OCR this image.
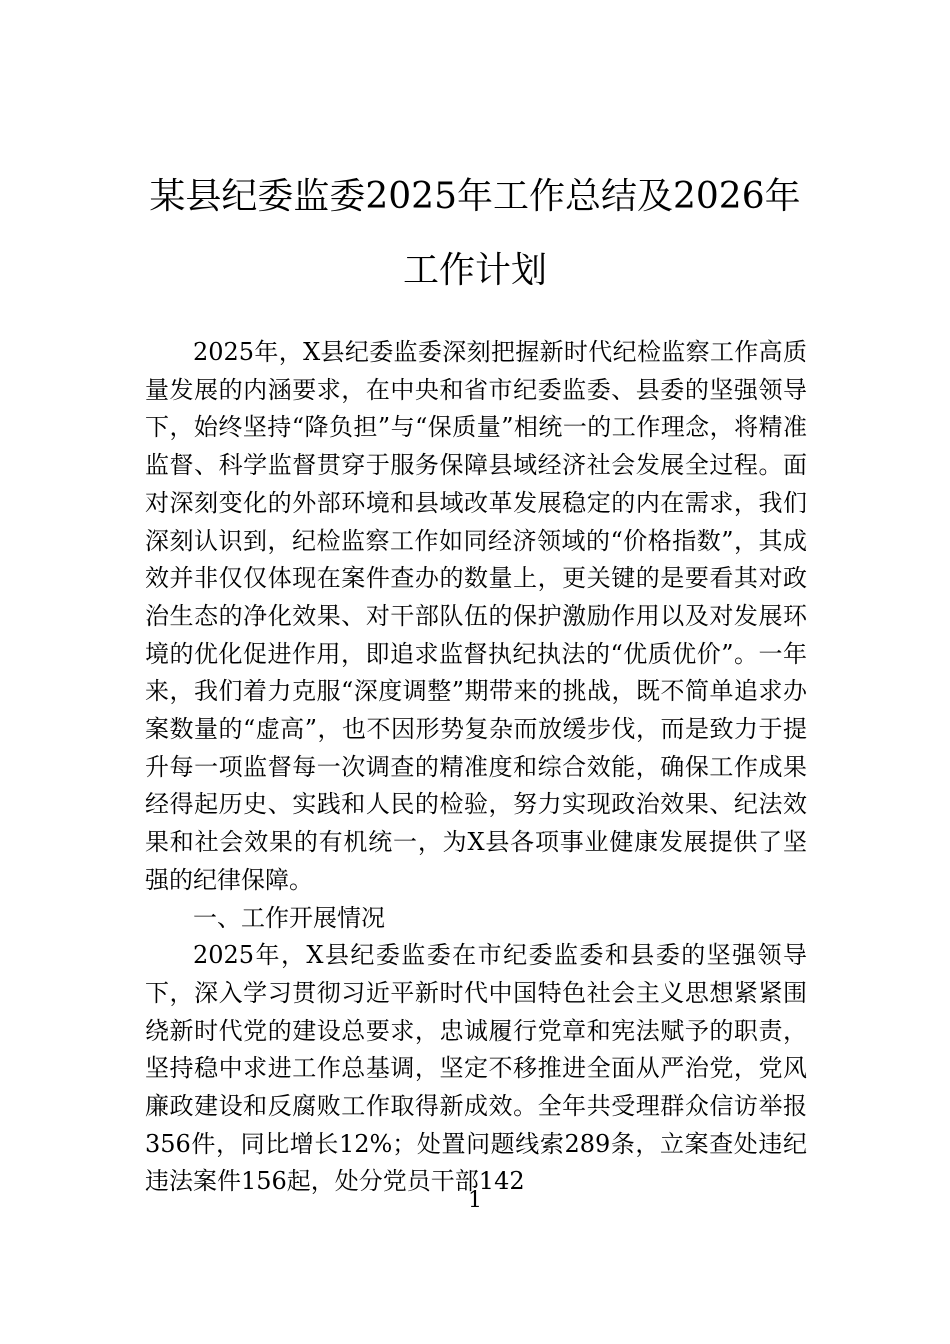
某县纪委监委2025年工作总结及2026年工作计划

2025年，X县纪委监委深刻把握新时代纪检监察工作高质量发展的内涵要求，在中央和省市纪委监委、县委的坚强领导下，始终坚持“降负担”与“保质量”相统一的工作理念，将精准监督、科学监督贯穿于服务保障县域经济社会发展全过程。面对深刻变化的外部环境和县域改革发展稳定的内在需求，我们深刻认识到，纪检监察工作如同经济领域的“价格指数”，其成效并非仅仅体现在案件查办的数量上，更关键的是要看其对政治生态的净化效果、对干部队伍的保护激励作用以及对发展环境的优化促进作用，即追求监督执纪执法的“优质优价”。一年来，我们着力克服“深度调整”期带来的挑战，既不简单追求办案数量的“虚高”，也不因形势复杂而放缓步伐，而是致力于提升每一项监督每一次调查的精准度和综合效能，确保工作成果经得起历史、实践和人民的检验，努力实现政治效果、纪法效果和社会效果的有机统一，为X县各项事业健康发展提供了坚强的纪律保障。

一、工作开展情况

2025年，X县纪委监委在市纪委监委和县委的坚强领导下，深入学习贯彻习近平新时代中国特色社会主义思想紧紧围绕新时代党的建设总要求，忠诚履行党章和宪法赋予的职责，坚持稳中求进工作总基调，坚定不移推进全面从严治党，党风廉政建设和反腐败工作取得新成效。全年共受理群众信访举报356件，同比增长12%；处置问题线索289条，立案查处违纪违法案件156起，处分党员干部142

1
